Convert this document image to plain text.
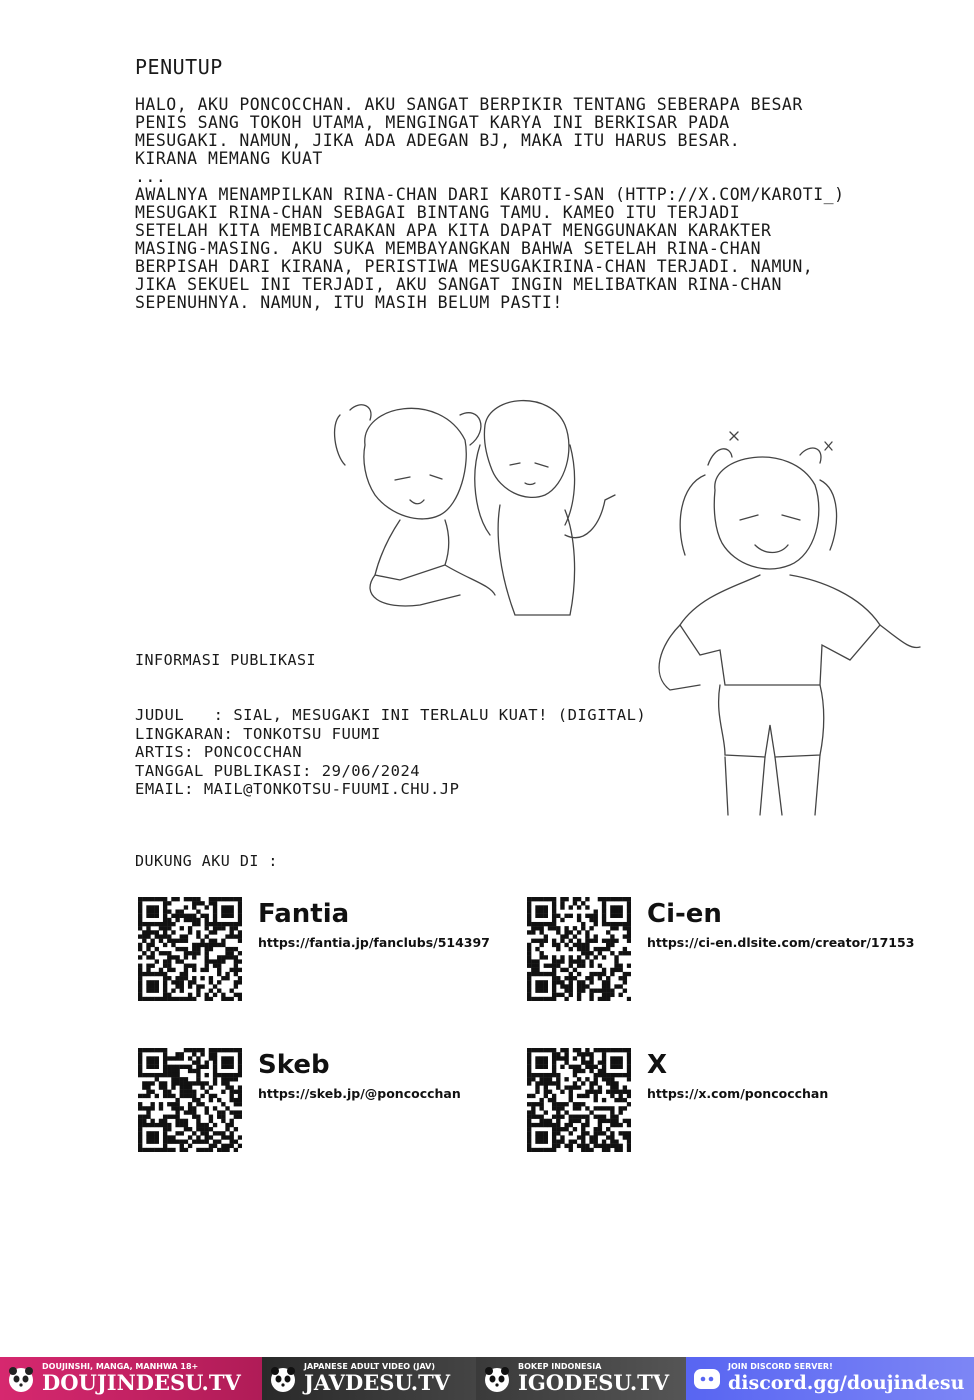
PENUTUP
HALO, AKU PONCOCCHAN. AKU SANGAT BERPIKIR TENTANG SEBERAPA BESAR
PENIS SANG TOKOH UTAMA, MENGINGAT KARYA INI BERKISAR PADA
MESUGAKI. NAMUN, JIKA ADA ADEGAN BJ, MAKA ITU HARUS BESAR.
KIRANA MEMANG KUAT
...
AWALNYA MENAMPILKAN RINA-CHAN DARI KAROTI-SAN (HTTP://X.COM/KAROTI_)
MESUGAKI RINA-CHAN SEBAGAI BINTANG TAMU. KAMEO ITU TERJADI
SETELAH KITA MEMBICARAKAN APA KITA DAPAT MENGGUNAKAN KARAKTER
MASING-MASING. AKU SUKA MEMBAYANGKAN BAHWA SETELAH RINA-CHAN
BERPISAH DARI KIRANA, PERISTIWA MESUGAKIRINA-CHAN TERJADI. NAMUN,
JIKA SEKUEL INI TERJADI, AKU SANGAT INGIN MELIBATKAN RINA-CHAN
SEPENUHNYA. NAMUN, ITU MASIH BELUM PASTI!
INFORMASI PUBLIKASI
JUDUL   : SIAL, MESUGAKI INI TERLALU KUAT! (DIGITAL)
LINGKARAN: TONKOTSU FUUMI
ARTIS: PONCOCCHAN
TANGGAL PUBLIKASI: 29/06/2024
EMAIL: MAIL@TONKOTSU-FUUMI.CHU.JP
DUKUNG AKU DI :
Fantia
https://fantia.jp/fanclubs/514397
Ci-en
https://ci-en.dlsite.com/creator/17153
Skeb
https://skeb.jp/@poncocchan
X
https://x.com/poncocchan
DOUJINSHI, MANGA, MANHWA 18+
DOUJINDESU.TV
JAPANESE ADULT VIDEO (JAV)
JAVDESU.TV
BOKEP INDONESIA
IGODESU.TV
JOIN DISCORD SERVER!
discord.gg/doujindesu
